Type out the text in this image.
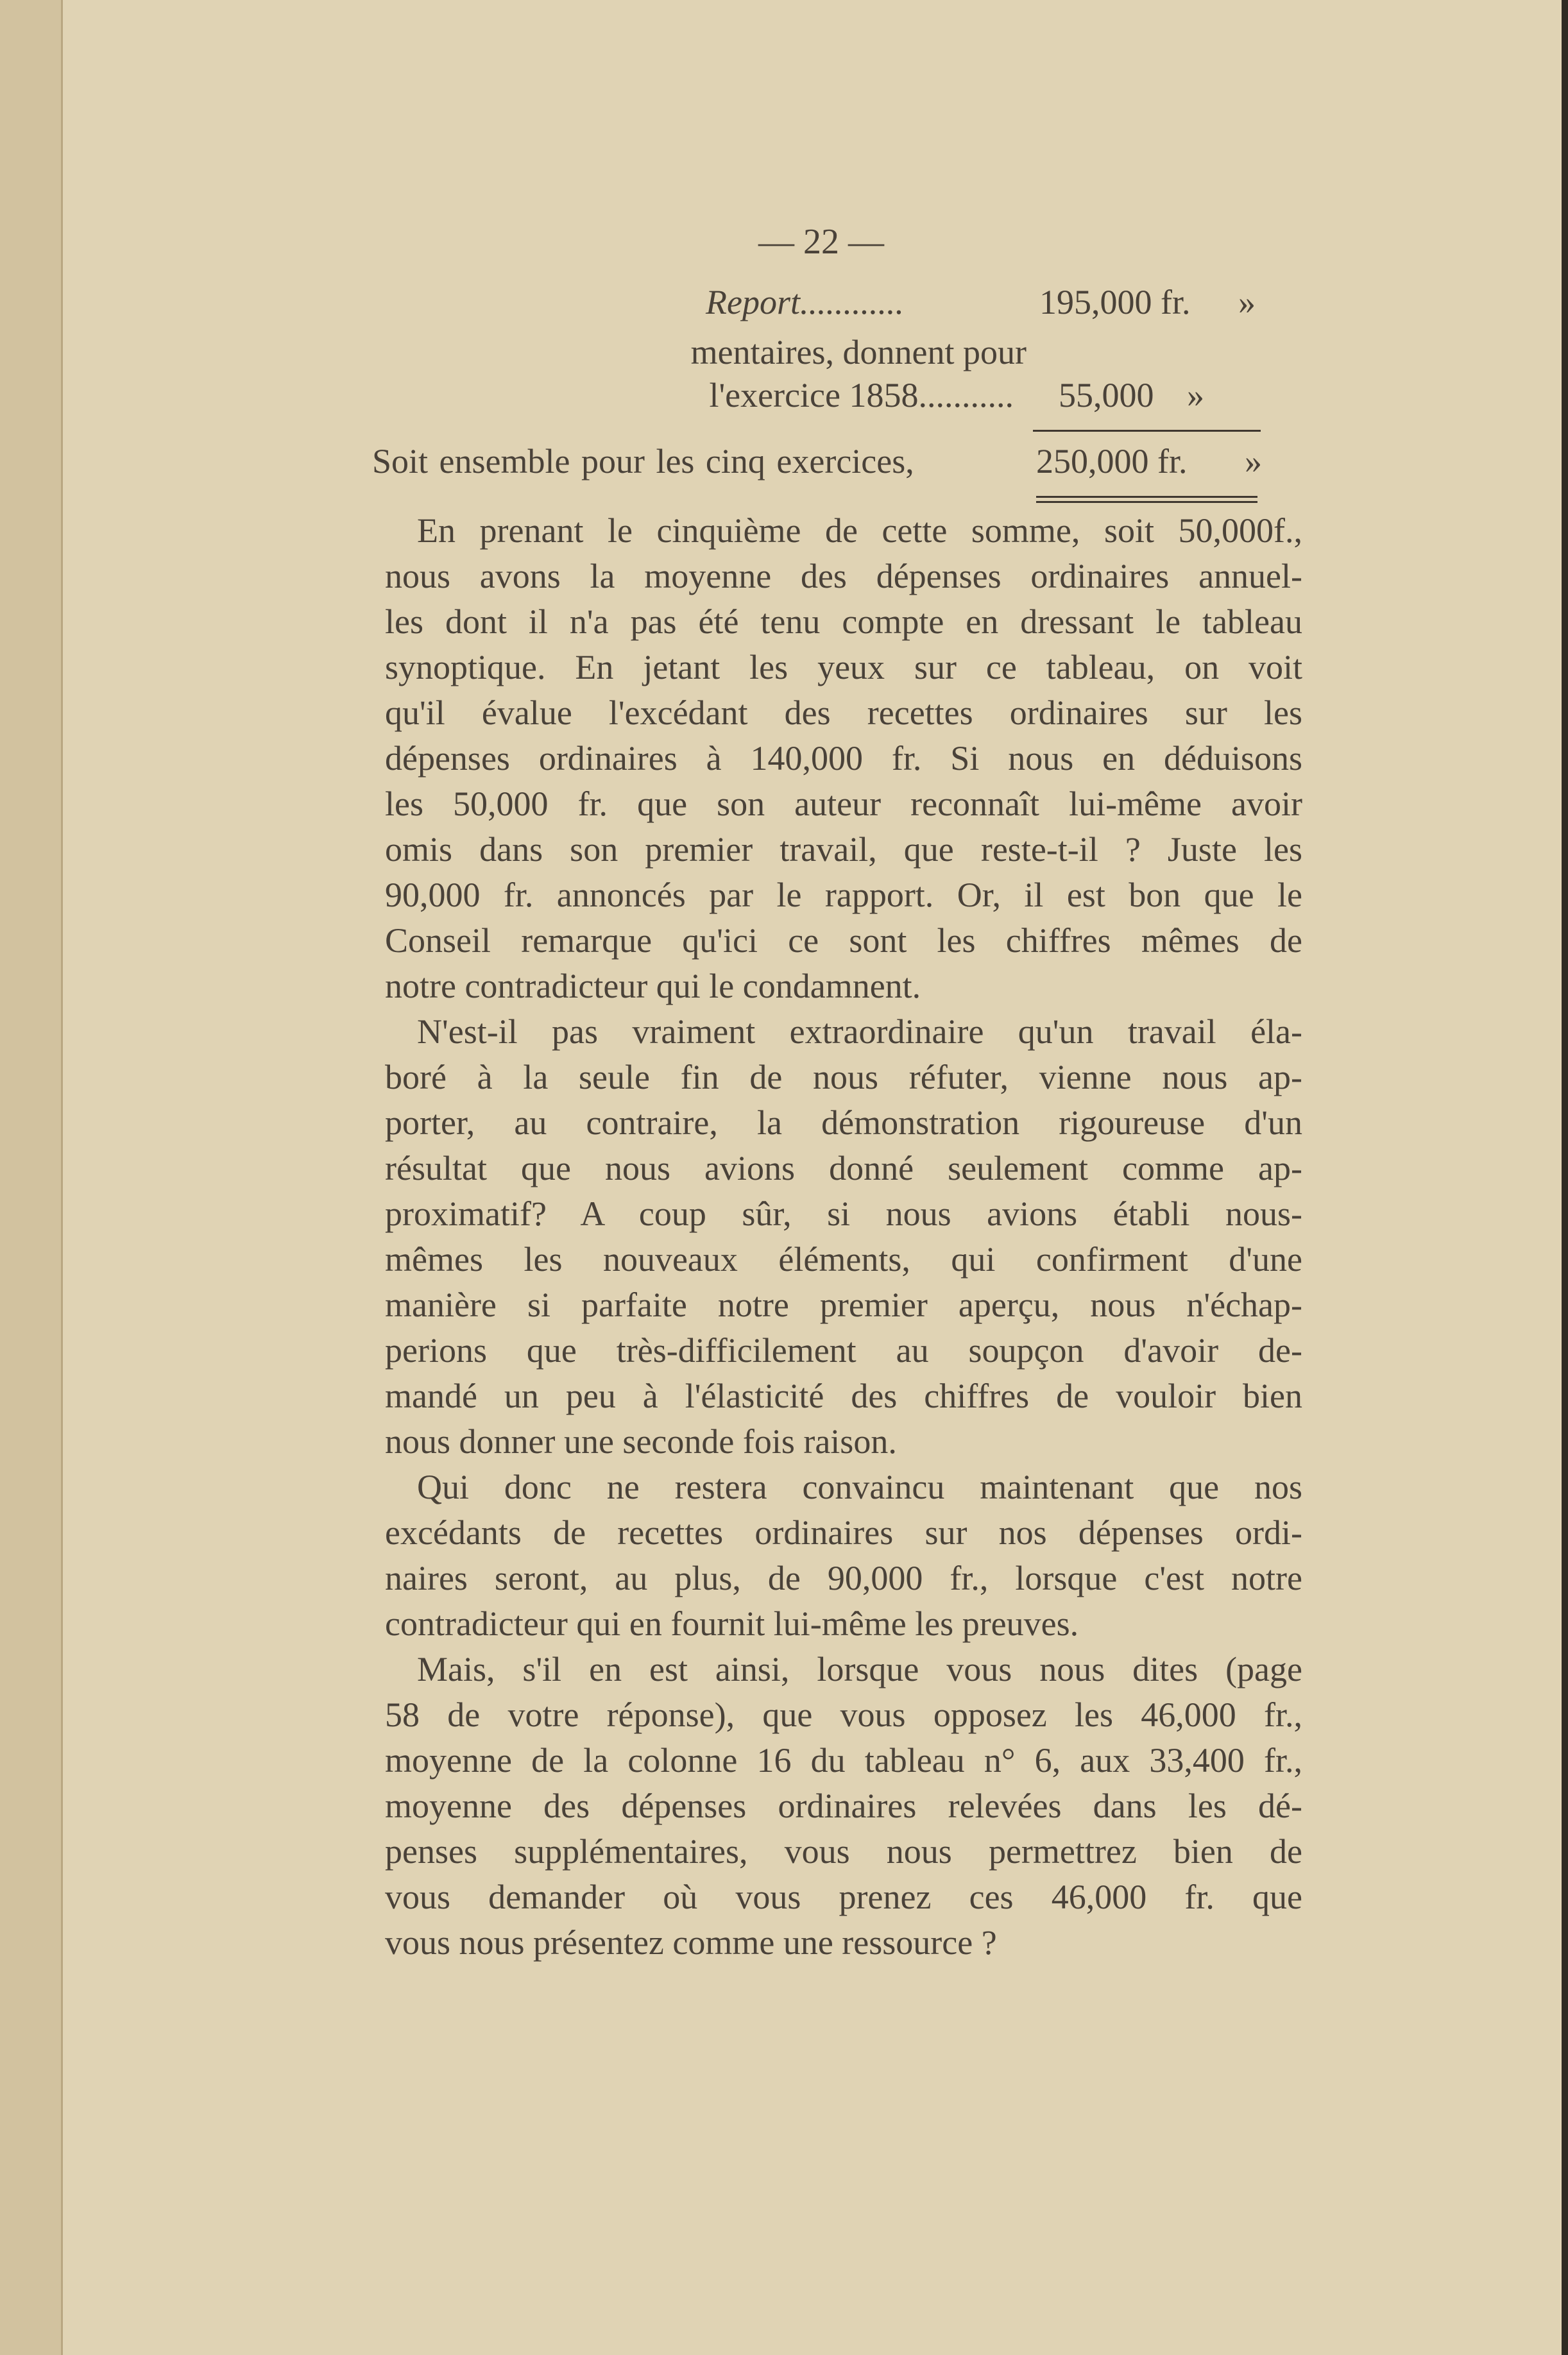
— 22 —
Report............	195,000 fr. »
mentaires, donnent pour
l'exercice 1858........... 55,000 »
Soit ensemble pour les cinq exercices,	250,000 fr. »
En prenant le cinquième de cette somme, soit 50,000f.,
nous avons la moyenne des dépenses ordinaires annuel-
les dont il n'a pas été tenu compte en dressant le tableau
synoptique. En jetant les yeux sur ce tableau, on voit
qu'il évalue l'excédant des recettes ordinaires sur les
dépenses ordinaires à 140,000 fr. Si nous en déduisons
les 50,000 fr. que son auteur reconnaît lui-même avoir
omis dans son premier travail, que reste-t-il ? Juste les
90,000 fr. annoncés par le rapport. Or, il est bon que le
Conseil remarque qu'ici ce sont les chiffres mêmes de
notre contradicteur qui le condamnent.
N'est-il pas vraiment extraordinaire qu'un travail éla-
boré à la seule fin de nous réfuter, vienne nous ap-
porter, au contraire, la démonstration rigoureuse d'un
résultat que nous avions donné seulement comme ap-
proximatif? A coup sûr, si nous avions établi nous-
mêmes les nouveaux éléments, qui confirment d'une
manière si parfaite notre premier aperçu, nous n'échap-
perions que très-difficilement au soupçon d'avoir de-
mandé un peu à l'élasticité des chiffres de vouloir bien
nous donner une seconde fois raison.
Qui donc ne restera convaincu maintenant que nos
excédants de recettes ordinaires sur nos dépenses ordi-
naires seront, au plus, de 90,000 fr., lorsque c'est notre
contradicteur qui en fournit lui-même les preuves.
Mais, s'il en est ainsi, lorsque vous nous dites (page
58 de votre réponse), que vous opposez les 46,000 fr.,
moyenne de la colonne 16 du tableau n° 6, aux 33,400 fr.,
moyenne des dépenses ordinaires relevées dans les dé-
penses supplémentaires, vous nous permettrez bien de
vous demander où vous prenez ces 46,000 fr. que
vous nous présentez comme une ressource ?
